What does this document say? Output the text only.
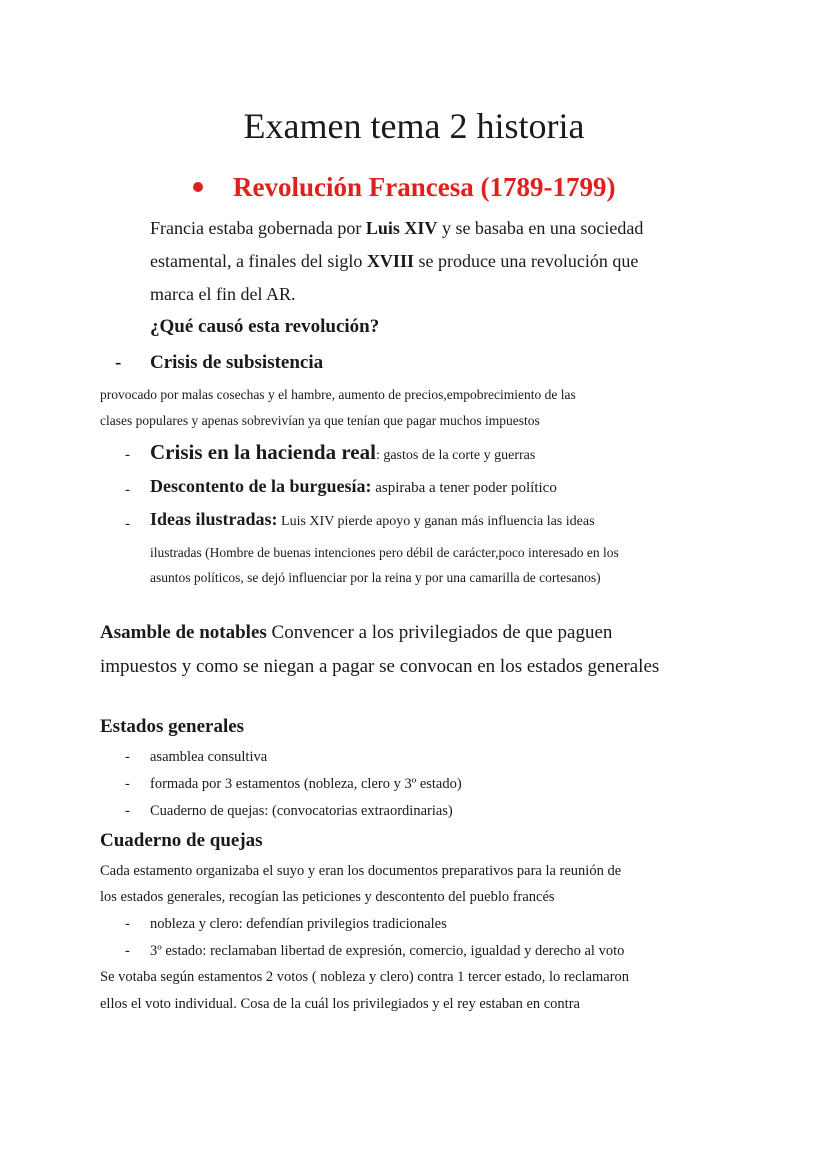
Examen tema 2 historia
Revolución Francesa (1789-1799)
Francia estaba gobernada por Luis XIV y se basaba en una sociedad
estamental, a finales del siglo XVIII se produce una revolución que
marca el fin del AR.
¿Qué causó esta revolución?
- Crisis de subsistencia
provocado por malas cosechas y el hambre, aumento de precios,empobrecimiento de las
clases populares y apenas sobrevivían ya que tenían que pagar muchos impuestos
- Crisis en la hacienda real: gastos de la corte y guerras
- Descontento de la burguesía: aspiraba a tener poder político
- Ideas ilustradas: Luis XIV pierde apoyo y ganan más influencia las ideas
ilustradas (Hombre de buenas intenciones pero débil de carácter,poco interesado en los
asuntos políticos, se dejó influenciar por la reina y por una camarilla de cortesanos)
Asamble de notables Convencer a los privilegiados de que paguen
impuestos y como se niegan a pagar se convocan en los estados generales
Estados generales
- asamblea consultiva
- formada por 3 estamentos (nobleza, clero y 3º estado)
- Cuaderno de quejas: (convocatorias extraordinarias)
Cuaderno de quejas
Cada estamento organizaba el suyo y eran los documentos preparativos para la reunión de
los estados generales, recogían las peticiones y descontento del pueblo francés
- nobleza y clero: defendían privilegios tradicionales
- 3º estado: reclamaban libertad de expresión, comercio, igualdad y derecho al voto
Se votaba según estamentos 2 votos ( nobleza y clero) contra 1 tercer estado, lo reclamaron
ellos el voto individual. Cosa de la cuál los privilegiados y el rey estaban en contra
